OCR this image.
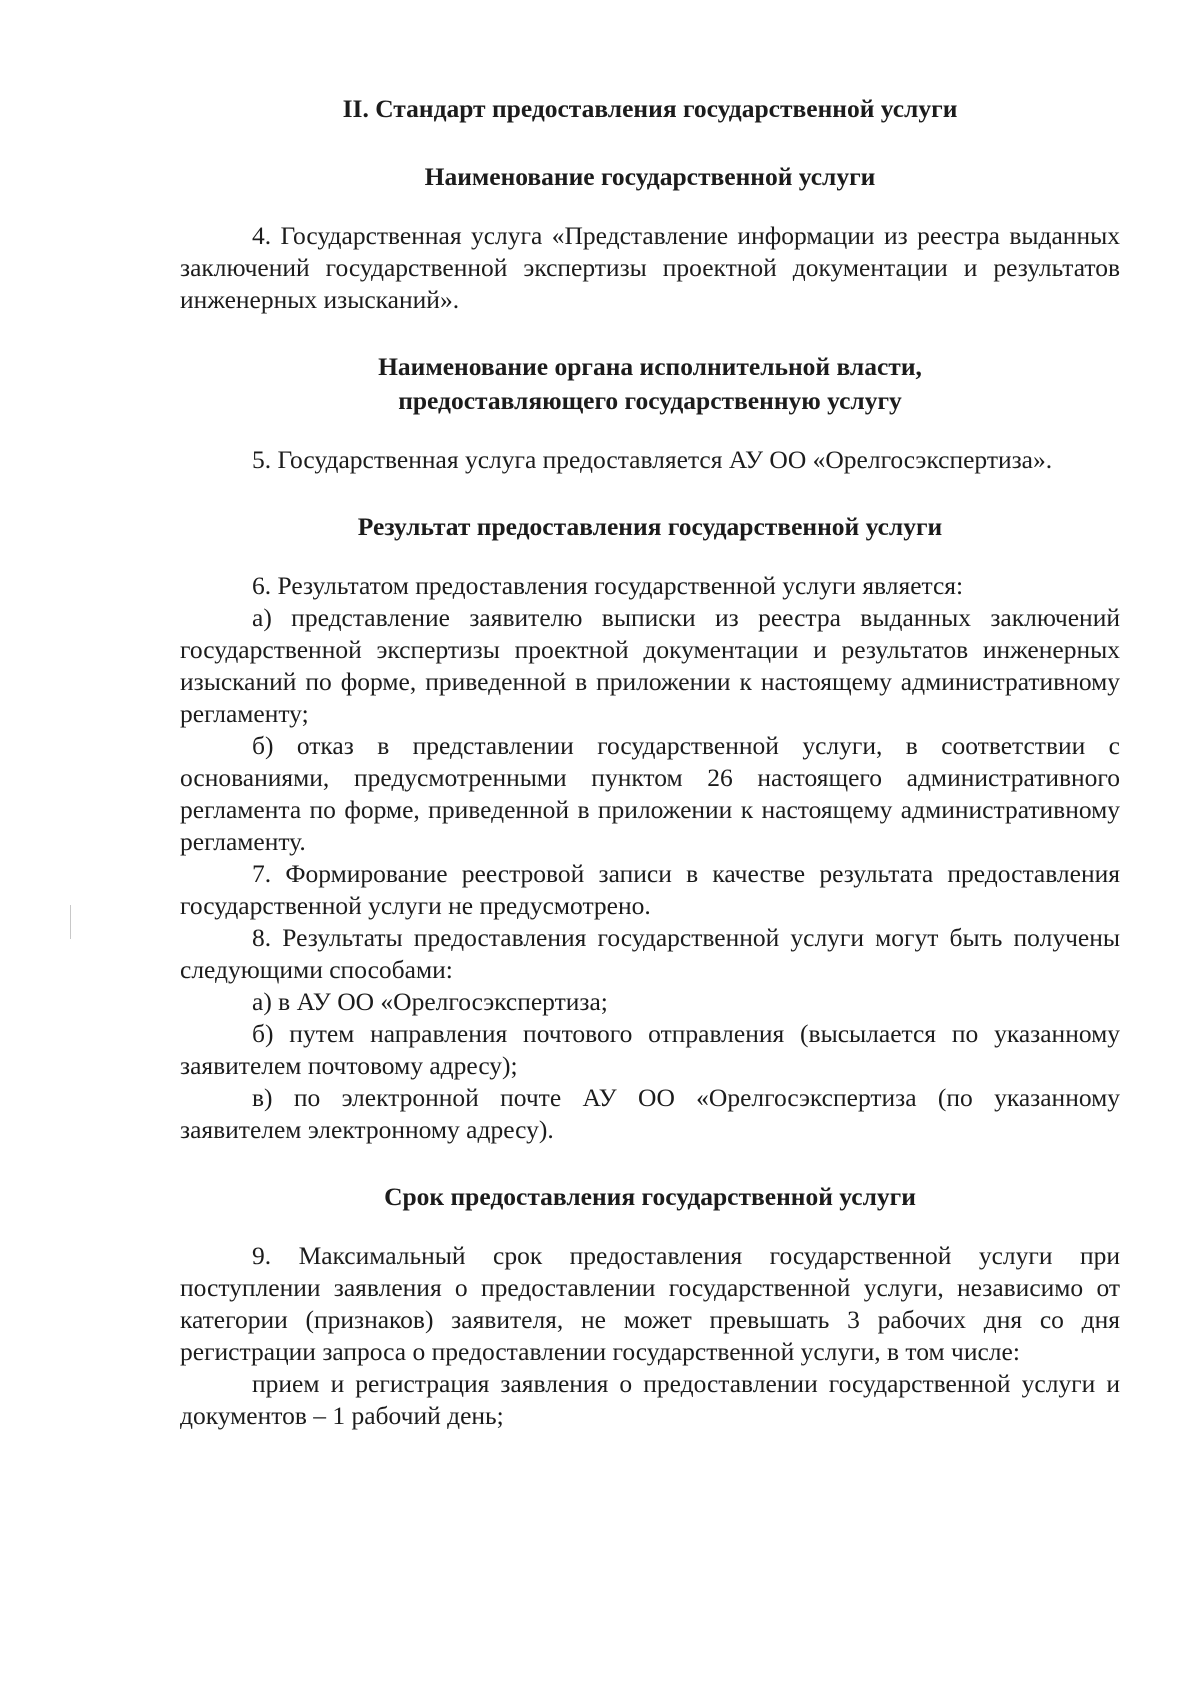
II. Стандарт предоставления государственной услуги
Наименование государственной услуги

4. Государственная услуга «Представление информации из реестра выданных заключений государственной экспертизы проектной документации и результатов инженерных изысканий».

Наименование органа исполнительной власти,
предоставляющего государственную услугу

5. Государственная услуга предоставляется АУ ОО «Орелгосэкспертиза».

Результат предоставления государственной услуги

6. Результатом предоставления государственной услуги является:

а) представление заявителю выписки из реестра выданных заключений государственной экспертизы проектной документации и результатов инженерных изысканий по форме, приведенной в приложении к настоящему административному регламенту;

б) отказ в представлении государственной услуги, в соответствии с основаниями, предусмотренными пунктом 26 настоящего административного регламента по форме, приведенной в приложении к настоящему административному регламенту.

7. Формирование реестровой записи в качестве результата предоставления государственной услуги не предусмотрено.

8. Результаты предоставления государственной услуги могут быть получены следующими способами:

а) в АУ ОО «Орелгосэкспертиза;

б) путем направления почтового отправления (высылается по указанному заявителем почтовому адресу);

в) по электронной почте АУ ОО «Орелгосэкспертиза (по указанному заявителем электронному адресу).

Срок предоставления государственной услуги

9. Максимальный срок предоставления государственной услуги при поступлении заявления о предоставлении государственной услуги, независимо от категории (признаков) заявителя, не может превышать 3 рабочих дня со дня регистрации запроса о предоставлении государственной услуги, в том числе:

прием и регистрация заявления о предоставлении государственной услуги и документов – 1 рабочий день;
